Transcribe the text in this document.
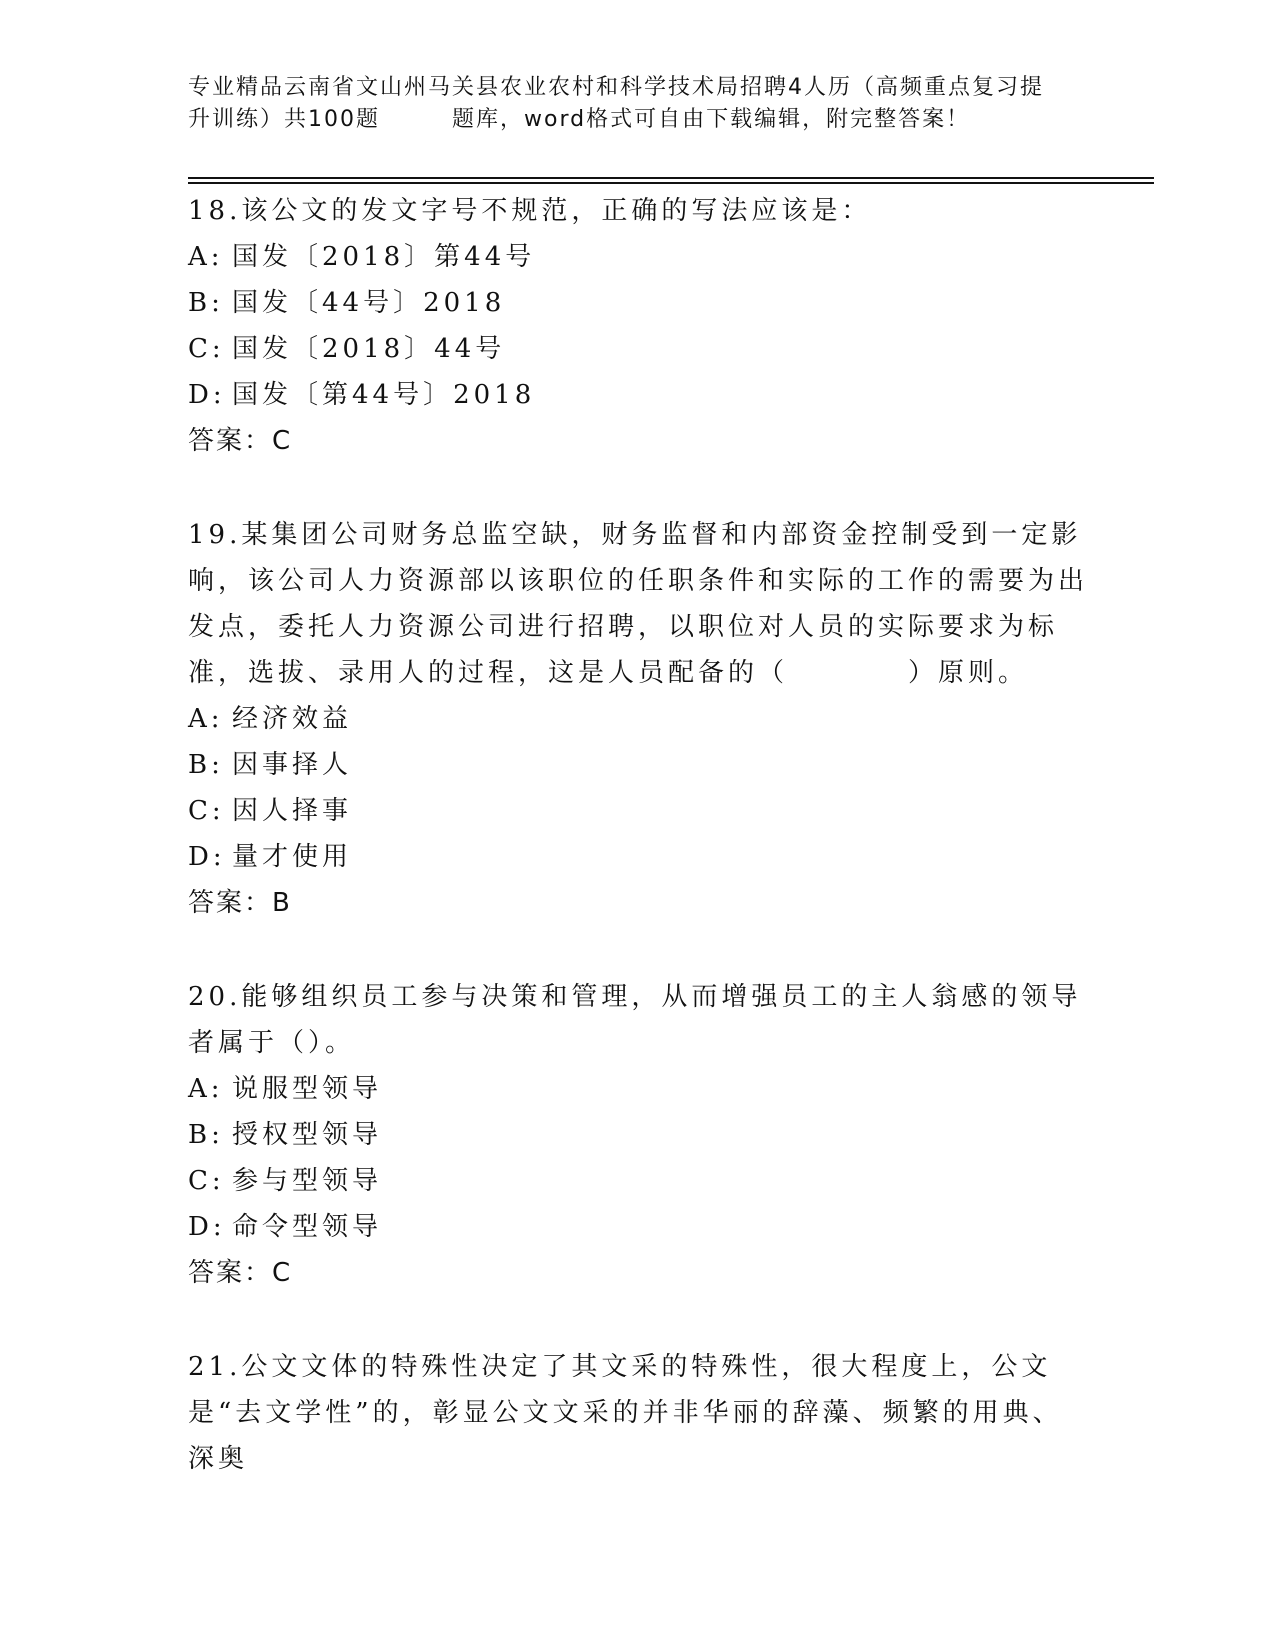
专业精品云南省文山州马关县农业农村和科学技术局招聘4人历（高频重点复习提
升训练）共100题	题库，word格式可自由下载编辑，附完整答案！

18.该公文的发文字号不规范，正确的写法应该是：

A: 国发〔2018〕第44号

B: 国发〔44号〕2018

C: 国发〔2018〕44号

D: 国发〔第44号〕2018

答案：C

19.某集团公司财务总监空缺，财务监督和内部资金控制受到一定影响，该公司人力资源部以该职位的任职条件和实际的工作的需要为出发点，委托人力资源公司进行招聘，以职位对人员的实际要求为标准，选拔、录用人的过程，这是人员配备的（　　　　）原则。

A: 经济效益

B: 因事择人

C: 因人择事

D: 量才使用

答案：B

20.能够组织员工参与决策和管理，从而增强员工的主人翁感的领导者属于（）。

A: 说服型领导

B: 授权型领导

C: 参与型领导

D: 命令型领导

答案：C

21.公文文体的特殊性决定了其文采的特殊性，很大程度上，公文是“去文学性”的，彰显公文文采的并非华丽的辞藻、频繁的用典、深奥
